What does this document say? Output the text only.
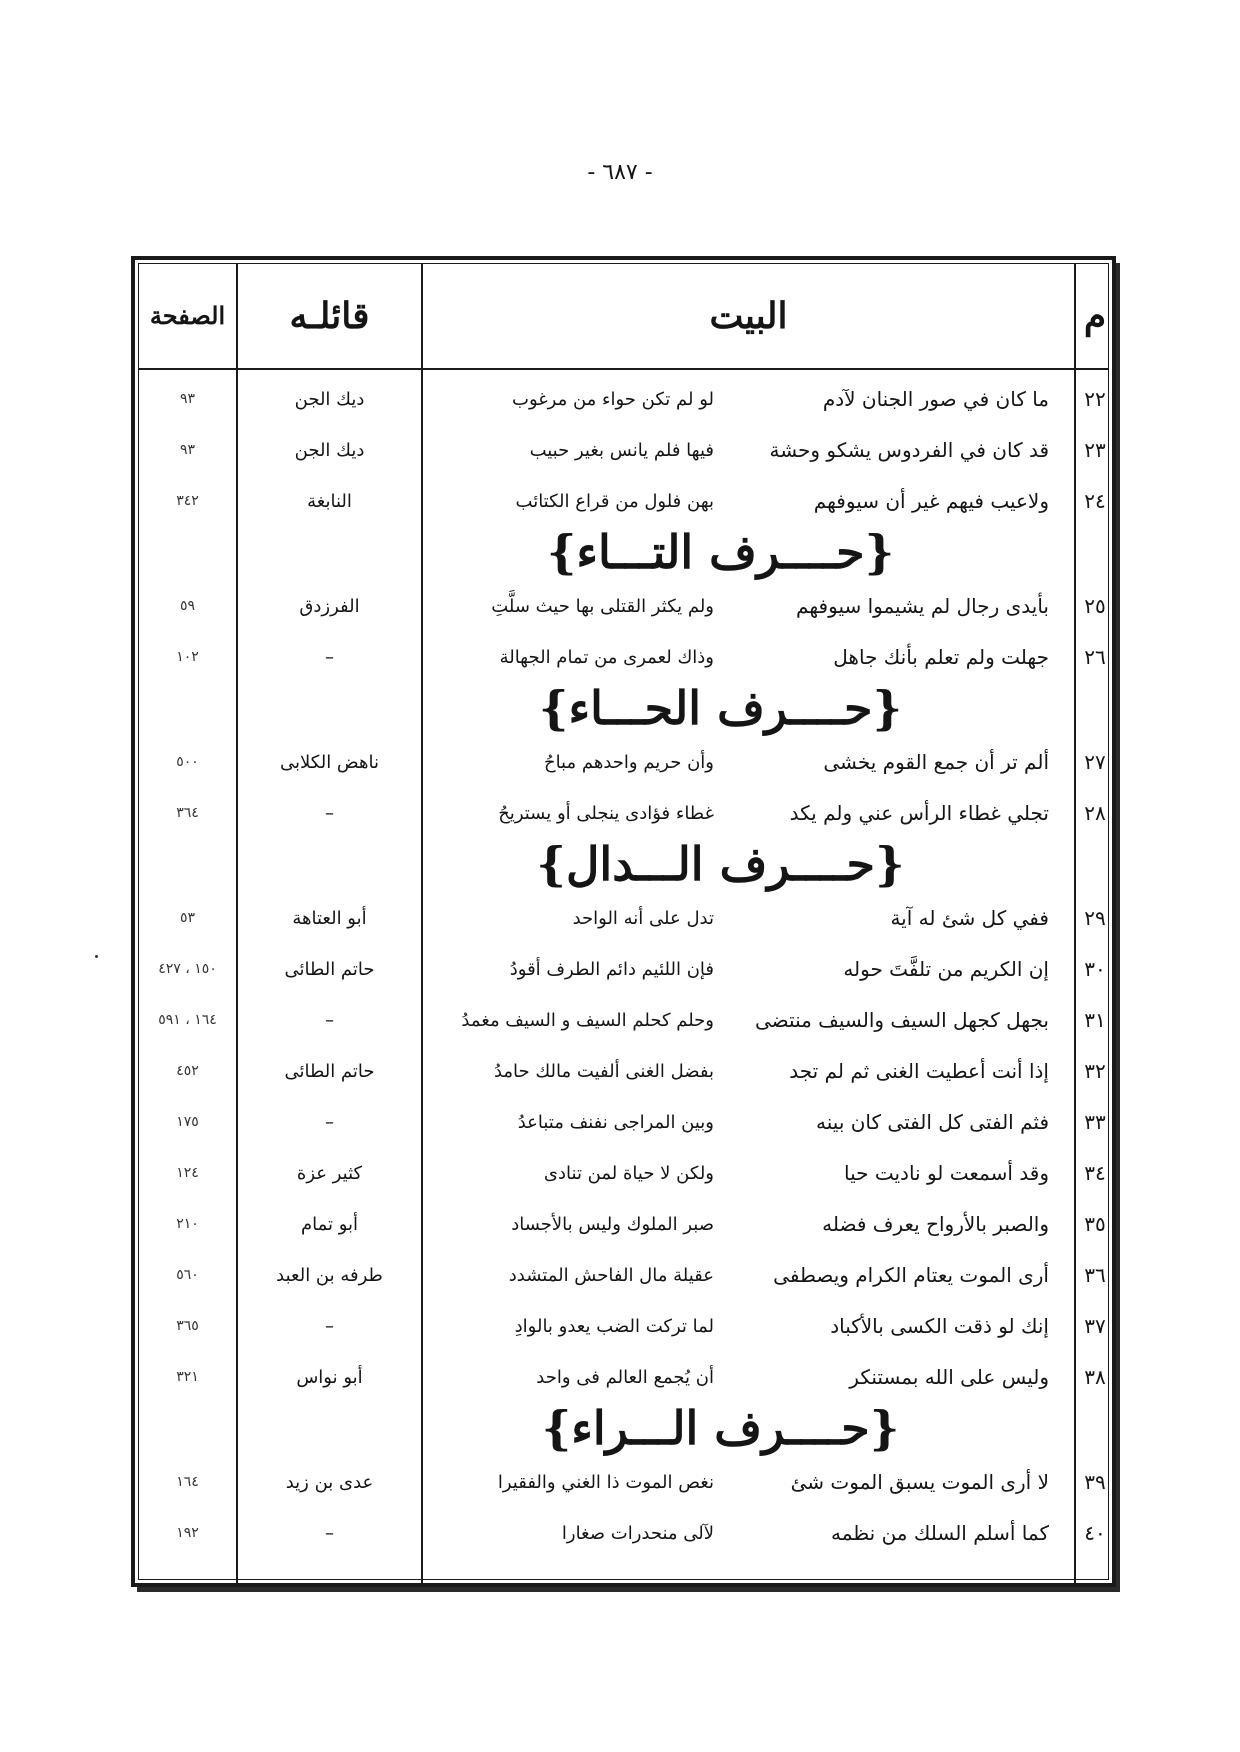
- ٦٨٧ -
م
البيت
قائلـه
الصفحة
٢٢
ما كان في صور الجنان لآدم
لو لم تكن حواء من مرغوب
ديك الجن
٩٣
٢٣
قد كان في الفردوس يشكو وحشة
فيها فلم يانس بغير حبيب
ديك الجن
٩٣
٢٤
ولاعيب فيهم غير أن سيوفهم
بهن فلول من قراع الكتائب
النابغة
٣٤٢
{حــــرف التـــاء}
٢٥
بأيدى رجال لم يشيموا سيوفهم
ولم يكثر القتلى بها حيث سلَّتِ
الفرزدق
٥٩
٢٦
جهلت ولم تعلم بأنك جاهل
وذاك لعمرى من تمام الجهالة
–
١٠٢
{حــــرف الحـــاء}
٢٧
ألم تر أن جمع القوم يخشى
وأن حريم واحدهم مباحُ
ناهض الكلابى
٥٠٠
٢٨
تجلي غطاء الرأس عني ولم يكد
غطاء فؤادى ينجلى أو يستريحُ
–
٣٦٤
{حــــرف الـــدال}
٢٩
ففي كل شئ له آية
تدل على أنه الواحد
أبو العتاهة
٥٣
٣٠
إن الكريم من تلفَّتَ حوله
فإن اللئيم دائم الطرف أقودُ
حاتم الطائى
١٥٠ ، ٤٢٧
٣١
بجهل كجهل السيف والسيف منتضى
وحلم كحلم السيف و السيف مغمدُ
–
١٦٤ ، ٥٩١
٣٢
إذا أنت أعطيت الغنى ثم لم تجد
بفضل الغنى ألفيت مالك حامدُ
حاتم الطائى
٤٥٢
٣٣
فثم الفتى كل الفتى كان بينه
وبين المراجى نفنف متباعدُ
–
١٧٥
٣٤
وقد أسمعت لو ناديت حيا
ولكن لا حياة لمن تنادى
كثير عزة
١٢٤
٣٥
والصبر بالأرواح يعرف فضله
صبر الملوك وليس بالأجساد
أبو تمام
٢١٠
٣٦
أرى الموت يعتام الكرام ويصطفى
عقيلة مال الفاحش المتشدد
طرفه بن العبد
٥٦٠
٣٧
إنك لو ذقت الكسى بالأكباد
لما تركت الضب يعدو بالوادِ
–
٣٦٥
٣٨
وليس على الله بمستنكر
أن يُجمع العالم فى واحد
أبو نواس
٣٢١
{حــــرف الـــراء}
٣٩
لا أرى الموت يسبق الموت شئ
نغص الموت ذا الغني والفقيرا
عدى بن زيد
١٦٤
٤٠
كما أسلم السلك من نظمه
لآلى منحدرات صغارا
–
١٩٢
